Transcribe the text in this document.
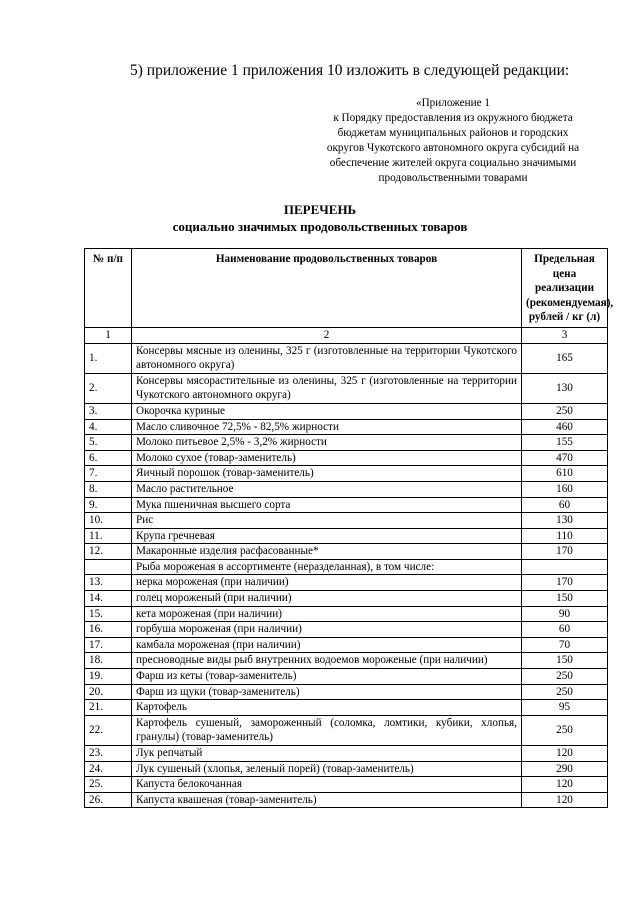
5) приложение 1 приложения 10 изложить в следующей редакции:
«Приложение 1
к Порядку предоставления из окружного бюджета
бюджетам муниципальных районов и городских
округов Чукотского автономного округа субсидий на
обеспечение жителей округа социально значимыми
продовольственными товарами
ПЕРЕЧЕНЬ
социально значимых продовольственных товаров
№ п/п	Наименование продовольственных товаров	Предельная цена реализации (рекомендуемая), рублей / кг (л)
1	2	3
1.	Консервы мясные из оленины, 325 г (изготовленные на территории Чукотского автономного округа)	165
2.	Консервы мясорастительные из оленины, 325 г (изготовленные на территории Чукотского автономного округа)	130
3.	Окорочка куриные	250
4.	Масло сливочное 72,5% - 82,5% жирности	460
5.	Молоко питьевое 2,5% - 3,2% жирности	155
6.	Молоко сухое (товар-заменитель)	470
7.	Яичный порошок (товар-заменитель)	610
8.	Масло растительное	160
9.	Мука пшеничная высшего сорта	60
10.	Рис	130
11.	Крупа гречневая	110
12.	Макаронные изделия расфасованные*	170
	Рыба мороженая в ассортименте (неразделанная), в том числе:	
13.	нерка мороженая (при наличии)	170
14.	голец мороженый (при наличии)	150
15.	кета мороженая (при наличии)	90
16.	горбуша мороженая (при наличии)	60
17.	камбала мороженая (при наличии)	70
18.	пресноводные виды рыб внутренних водоемов мороженые (при наличии)	150
19.	Фарш из кеты (товар-заменитель)	250
20.	Фарш из щуки (товар-заменитель)	250
21.	Картофель	95
22.	Картофель сушеный, замороженный (соломка, ломтики, кубики, хлопья, гранулы) (товар-заменитель)	250
23.	Лук репчатый	120
24.	Лук сушеный (хлопья, зеленый порей) (товар-заменитель)	290
25.	Капуста белокочанная	120
26.	Капуста квашеная (товар-заменитель)	120
